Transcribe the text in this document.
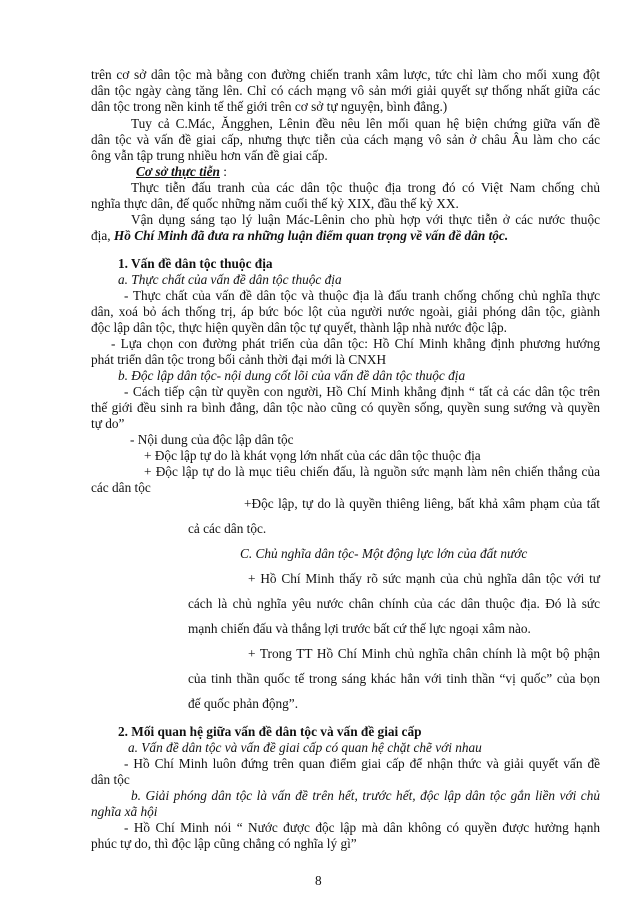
trên cơ sở dân tộc mà bằng con đường chiến tranh xâm lược, tức chỉ làm cho mối xung đột
dân tộc ngày càng tăng lên. Chỉ có cách mạng vô sản mới giải quyết sự thống nhất giữa các
dân tộc trong nền kinh tế thế giới trên cơ sở tự nguyện, bình đẳng.)
Tuy cả C.Mác, Ăngghen, Lênin đều nêu lên mối quan hệ biện chứng giữa vấn đề
dân tộc và vấn đề giai cấp, nhưng thực tiễn của cách mạng vô sản ở châu Âu làm cho các
ông vẫn tập trung nhiều hơn vấn đề giai cấp.
Cơ sở thực tiễn :
Thực tiễn đấu tranh của các dân tộc thuộc địa trong đó có Việt Nam chống chủ
nghĩa thực dân, đế quốc những năm cuối thế kỷ XIX, đầu thế kỷ XX.
Vận dụng sáng tạo lý luận Mác-Lênin cho phù hợp với thực tiễn ở các nước thuộc
địa, Hồ Chí Minh đã đưa ra những luận điểm quan trọng về vấn đề dân tộc.
1. Vấn đề dân tộc thuộc địa
a. Thực chất của vấn đề dân tộc thuộc địa
- Thực chất của vấn đề dân tộc và thuộc địa là đấu tranh chống chống chủ nghĩa thực
dân, xoá bỏ ách thống trị, áp bức bóc lột của người nước ngoài, giải phóng dân tộc, giành
độc lập dân tộc, thực hiện quyền dân tộc tự quyết, thành lập nhà nước độc lập.
- Lựa chọn con đường phát triển của dân tộc: Hồ Chí Minh khẳng định phương hướng
phát triển dân tộc trong bối cảnh thời đại mới là CNXH
b. Độc lập dân tộc- nội dung cốt lõi của vấn đề dân tộc thuộc địa
- Cách tiếp cận từ quyền con người, Hồ Chí Minh khẳng định “ tất cả các dân tộc trên
thế giới đều sinh ra bình đẳng, dân tộc nào cũng có quyền sống, quyền sung sướng và quyền
tự do”
- Nội dung của độc lập dân tộc
+ Độc lập tự do là khát vọng lớn nhất của các dân tộc thuộc địa
+ Độc lập tự do là mục tiêu chiến đấu, là nguồn sức mạnh làm nên chiến thắng của
các dân tộc
+Độc lập, tự do là quyền thiêng liêng, bất khả xâm phạm của tất
cả các dân tộc.
C. Chủ nghĩa dân tộc- Một động lực lớn của đất nước
+ Hồ Chí Minh thấy rõ sức mạnh của chủ nghĩa dân tộc với tư
cách là chủ nghĩa yêu nước chân chính của các dân thuộc địa. Đó là sức
mạnh chiến đấu và thắng lợi trước bất cứ thế lực ngoại xâm nào.
+ Trong TT Hồ Chí Minh chủ nghĩa chân chính là một bộ phận
của tinh thần quốc tế trong sáng khác hẳn với tinh thần “vị quốc” của bọn
đế quốc phản động”.
2. Mối quan hệ giữa vấn đề dân tộc và vấn đề giai cấp
a. Vấn đề dân tộc và vấn đề giai cấp có quan hệ chặt chẽ với nhau
- Hồ Chí Minh luôn đứng trên quan điểm giai cấp để nhận thức và giải quyết vấn đề
dân tộc
b. Giải phóng dân tộc là vấn đề trên hết, trước hết, độc lập dân tộc gắn liền với chủ
nghĩa xã hội
- Hồ Chí Minh nói “ Nước được độc lập mà dân không có quyền được hưởng hạnh
phúc tự do, thì độc lập cũng chẳng có nghĩa lý gì”
8
